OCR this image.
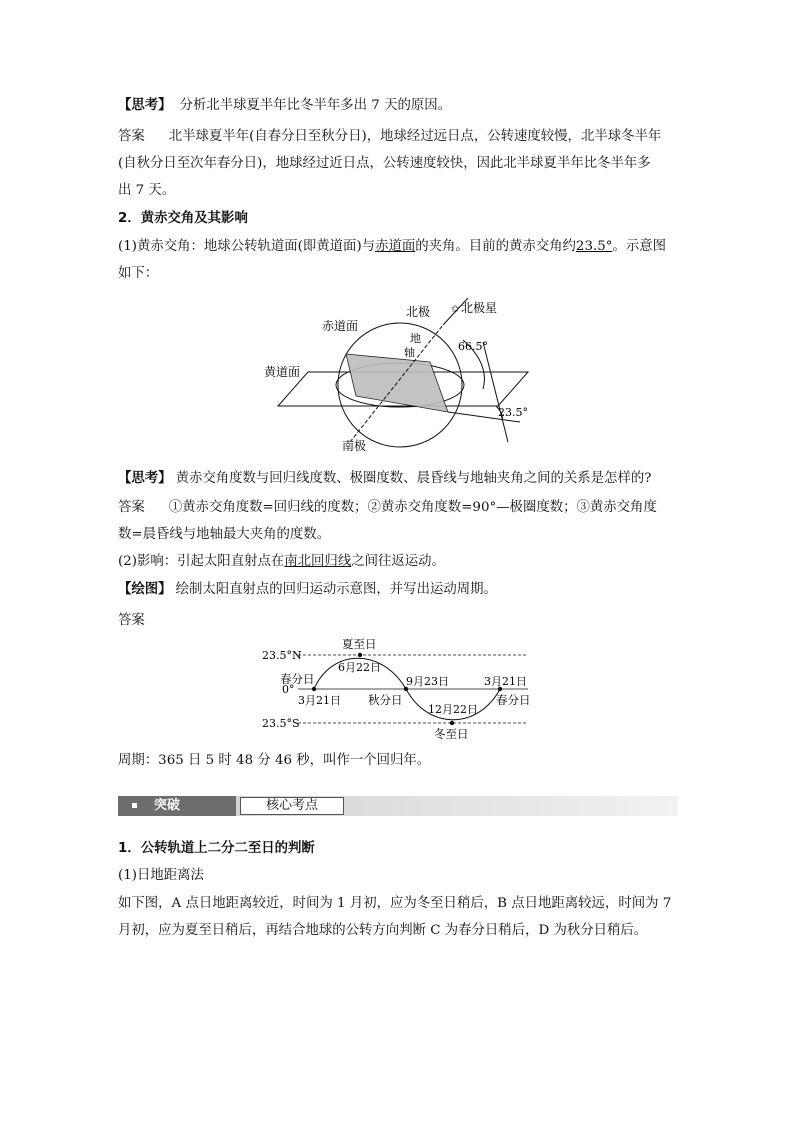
【思考】 分析北半球夏半年比冬半年多出 7 天的原因。
答案 北半球夏半年(自春分日至秋分日)，地球经过远日点，公转速度较慢，北半球冬半年
(自秋分日至次年春分日)，地球经过近日点，公转速度较快，因此北半球夏半年比冬半年多
出 7 天。
2．黄赤交角及其影响
(1)黄赤交角：地球公转轨道面(即黄道面)与赤道面的夹角。目前的黄赤交角约23.5°。示意图
如下：
✩
北极	北极星
赤道面
地
轴	66.5°
黄道面
23.5°
南极
【思考】 黄赤交角度数与回归线度数、极圈度数、晨昏线与地轴夹角之间的关系是怎样的?
答案 ①黄赤交角度数=回归线的度数；②黄赤交角度数=90°—极圈度数；③黄赤交角度
数=晨昏线与地轴最大夹角的度数。
(2)影响：引起太阳直射点在南北回归线之间往返运动。
【绘图】 绘制太阳直射点的回归运动示意图，并写出运动周期。
答案
23.5°N
0°
23.5°S
夏至日
6月22日
春分日
3月21日 秋分日
9月23日	3月21日
春分日
12月22日
冬至日
周期：365 日 5 时 48 分 46 秒，叫作一个回归年。
突破	核心考点
1．公转轨道上二分二至日的判断
(1)日地距离法
如下图，A 点日地距离较近，时间为 1 月初，应为冬至日稍后，B 点日地距离较远，时间为 7
月初，应为夏至日稍后，再结合地球的公转方向判断 C 为春分日稍后，D 为秋分日稍后。
